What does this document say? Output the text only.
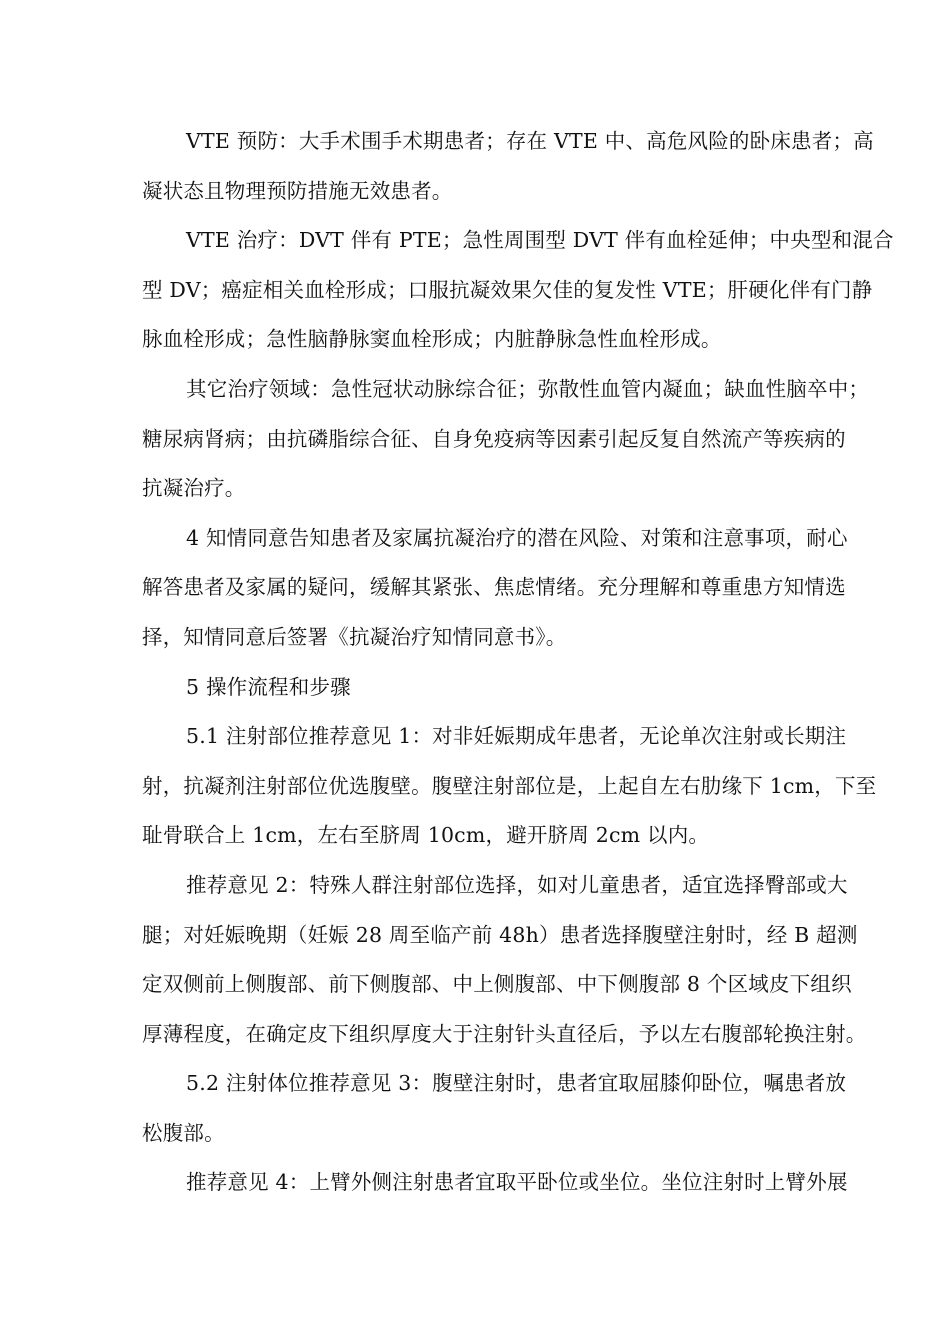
VTE 预防：大手术围手术期患者；存在 VTE 中、高危风险的卧床患者；高
凝状态且物理预防措施无效患者。
VTE 治疗：DVT 伴有 PTE；急性周围型 DVT 伴有血栓延伸；中央型和混合
型 DV；癌症相关血栓形成；口服抗凝效果欠佳的复发性 VTE；肝硬化伴有门静
脉血栓形成；急性脑静脉窦血栓形成；内脏静脉急性血栓形成。
其它治疗领域：急性冠状动脉综合征；弥散性血管内凝血；缺血性脑卒中；
糖尿病肾病；由抗磷脂综合征、自身免疫病等因素引起反复自然流产等疾病的
抗凝治疗。
4 知情同意告知患者及家属抗凝治疗的潜在风险、对策和注意事项，耐心
解答患者及家属的疑问，缓解其紧张、焦虑情绪。充分理解和尊重患方知情选
择，知情同意后签署《抗凝治疗知情同意书》。
5 操作流程和步骤
5.1 注射部位推荐意见 1：对非妊娠期成年患者，无论单次注射或长期注
射，抗凝剂注射部位优选腹壁。腹壁注射部位是，上起自左右肋缘下 1cm，下至
耻骨联合上 1cm，左右至脐周 10cm，避开脐周 2cm 以内。
推荐意见 2：特殊人群注射部位选择，如对儿童患者，适宜选择臀部或大
腿；对妊娠晚期（妊娠 28 周至临产前 48h）患者选择腹壁注射时，经 B 超测
定双侧前上侧腹部、前下侧腹部、中上侧腹部、中下侧腹部 8 个区域皮下组织
厚薄程度，在确定皮下组织厚度大于注射针头直径后，予以左右腹部轮换注射。
5.2 注射体位推荐意见 3：腹壁注射时，患者宜取屈膝仰卧位，嘱患者放
松腹部。
推荐意见 4：上臂外侧注射患者宜取平卧位或坐位。坐位注射时上臂外展
